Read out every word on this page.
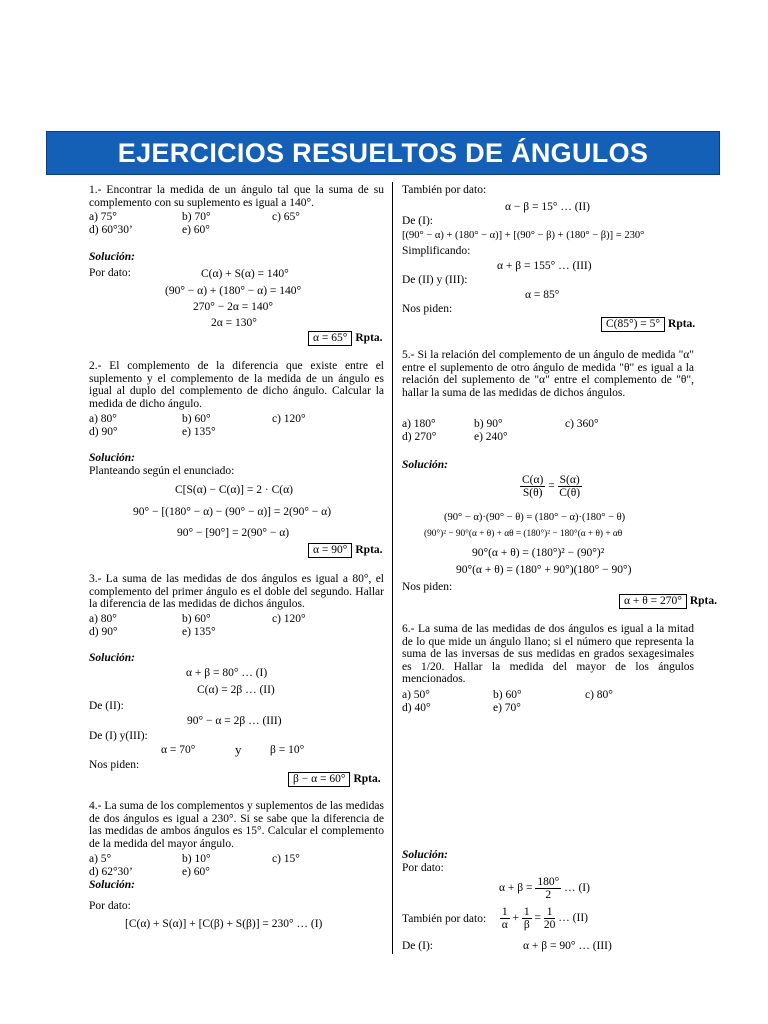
EJERCICIOS RESUELTOS DE ÁNGULOS
1.- Encontrar la medida de un ángulo tal que la suma de su complemento con su suplemento es igual a 140°.
a) 75°	b) 70°	c) 65°
d) 60°30’	e) 60°
Solución:
Por dato:	C(α) + S(α) = 140°
(90° − α) + (180° − α) = 140°
270° − 2α = 140°
2α = 130°
α = 65° Rpta.
2.- El complemento de la diferencia que existe entre el suplemento y el complemento de la medida de un ángulo es igual al duplo del complemento de dicho ángulo. Calcular la medida de dicho ángulo.
a) 80°	b) 60°	c) 120°
d) 90°	e) 135°
Solución:
Planteando según el enunciado:
C[S(α) − C(α)] = 2 · C(α)
90° − [(180° − α) − (90° − α)] = 2(90° − α)
90° − [90°] = 2(90° − α)
α = 90° Rpta.
3.- La suma de las medidas de dos ángulos es igual a 80°, el complemento del primer ángulo es el doble del segundo. Hallar la diferencia de las medidas de dichos ángulos.
a) 80°	b) 60°	c) 120°
d) 90°	e) 135°
Solución:
α + β = 80° … (I)
C(α) = 2β … (II)
De (II):
90° − α = 2β … (III)
De (I) y(III):
α = 70°	y β = 10°
Nos piden:
β − α = 60° Rpta.
4.- La suma de los complementos y suplementos de las medidas de dos ángulos es igual a 230°. Si se sabe que la diferencia de las medidas de ambos ángulos es 15°. Calcular el complemento de la medida del mayor ángulo.
a) 5°	b) 10°	c) 15°
d) 62°30’	e) 60°
Solución:
Por dato:
[C(α) + S(α)] + [C(β) + S(β)] = 230° … (I)
También por dato:
α − β = 15° … (II)
De (I):
[(90° − α) + (180° − α)] + [(90° − β) + (180° − β)] = 230°
Simplificando:
α + β = 155° … (III)
De (II) y (III):
α = 85°
Nos piden:
C(85°) = 5° Rpta.
5.- Si la relación del complemento de un ángulo de medida "α" entre el suplemento de otro ángulo de medida "θ" es igual a la relación del suplemento de "α" entre el complemento de "θ", hallar la suma de las medidas de dichos ángulos.
a) 180°	b) 90°	c) 360°
d) 270°	e) 240°
Solución:
$\frac{C(\alpha)}{S(\theta)} = \frac{S(\alpha)}{C(\theta)}$
(90° − α)·(90° − θ) = (180° − α)·(180° − θ)
(90°)² − 90°(α + θ) + αθ = (180°)² − 180°(α + θ) + αθ
90°(α + θ) = (180°)² − (90°)²
90°(α + θ) = (180° + 90°)(180° − 90°)
Nos piden:
α + θ = 270° Rpta.
6.- La suma de las medidas de dos ángulos es igual a la mitad de lo que mide un ángulo llano; si el número que representa la suma de las inversas de sus medidas en grados sexagesimales es 1/20. Hallar la medida del mayor de los ángulos mencionados.
a) 50°	b) 60°	c) 80°
d) 40°	e) 70°
Solución:
Por dato:
$\alpha + \beta = \frac{180^\circ}{2}$ … (I)
También por dato: $\frac{1}{\alpha} + \frac{1}{\beta} = \frac{1}{20}$ … (II)
De (I):	α + β = 90° … (III)
